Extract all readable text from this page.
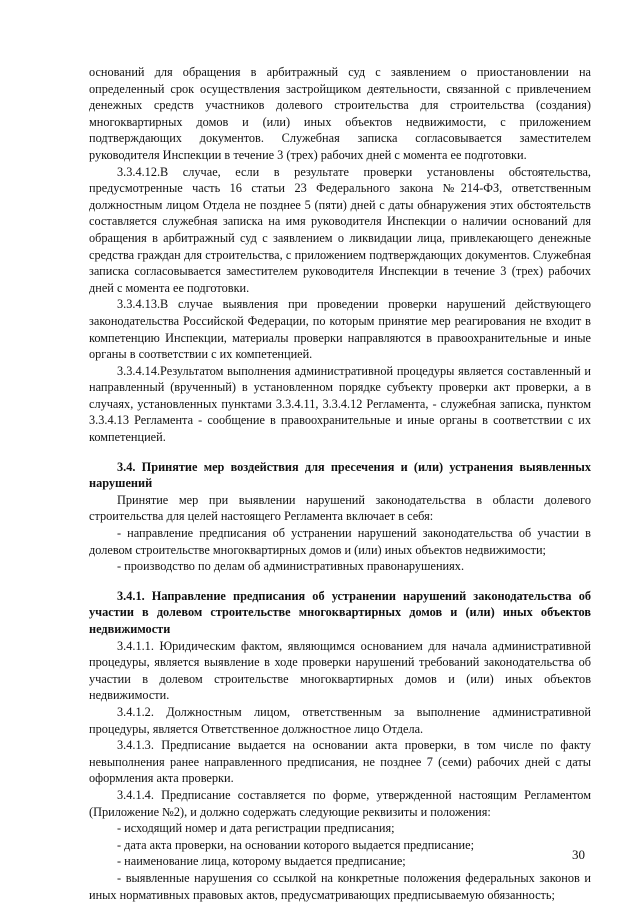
оснований для обращения в арбитражный суд с заявлением о приостановлении на определенный срок осуществления застройщиком деятельности, связанной с привлечением денежных средств участников долевого строительства для строительства (создания) многоквартирных домов и (или) иных объектов недвижимости, с приложением подтверждающих документов. Служебная записка согласовывается заместителем руководителя Инспекции в течение 3 (трех) рабочих дней с момента ее подготовки.

3.3.4.12.В случае, если в результате проверки установлены обстоятельства, предусмотренные часть 16 статьи 23 Федерального закона №214-ФЗ, ответственным должностным лицом Отдела не позднее 5 (пяти) дней с даты обнаружения этих обстоятельств составляется служебная записка на имя руководителя Инспекции о наличии оснований для обращения в арбитражный суд с заявлением о ликвидации лица, привлекающего денежные средства граждан для строительства, с приложением подтверждающих документов. Служебная записка согласовывается заместителем руководителя Инспекции в течение 3 (трех) рабочих дней с момента ее подготовки.

3.3.4.13.В случае выявления при проведении проверки нарушений действующего законодательства Российской Федерации, по которым принятие мер реагирования не входит в компетенцию Инспекции, материалы проверки направляются в правоохранительные и иные органы в соответствии с их компетенцией.

3.3.4.14.Результатом выполнения административной процедуры является составленный и направленный (врученный) в установленном порядке субъекту проверки акт проверки, а в случаях, установленных пунктами 3.3.4.11, 3.3.4.12 Регламента, - служебная записка, пунктом 3.3.4.13 Регламента - сообщение в правоохранительные и иные органы в соответствии с их компетенцией.

3.4. Принятие мер воздействия для пресечения и (или) устранения выявленных нарушений

Принятие мер при выявлении нарушений законодательства в области долевого строительства для целей настоящего Регламента включает в себя:

- направление предписания об устранении нарушений законодательства об участии в долевом строительстве многоквартирных домов и (или) иных объектов недвижимости;

- производство по делам об административных правонарушениях.

3.4.1. Направление предписания об устранении нарушений законодательства об участии в долевом строительстве многоквартирных домов и (или) иных объектов недвижимости

3.4.1.1. Юридическим фактом, являющимся основанием для начала административной процедуры, является выявление в ходе проверки нарушений требований законодательства об участии в долевом строительстве многоквартирных домов и (или) иных объектов недвижимости.

3.4.1.2. Должностным лицом, ответственным за выполнение административной процедуры, является Ответственное должностное лицо Отдела.

3.4.1.3. Предписание выдается на основании акта проверки, в том числе по факту невыполнения ранее направленного предписания, не позднее 7 (семи) рабочих дней с даты оформления акта проверки.

3.4.1.4. Предписание составляется по форме, утвержденной настоящим Регламентом (Приложение №2), и должно содержать следующие реквизиты и положения:

- исходящий номер и дата регистрации предписания;

- дата акта проверки, на основании которого выдается предписание;

- наименование лица, которому выдается предписание;

- выявленные нарушения со ссылкой на конкретные положения федеральных законов и иных нормативных правовых актов, предусматривающих предписываемую обязанность;

30
